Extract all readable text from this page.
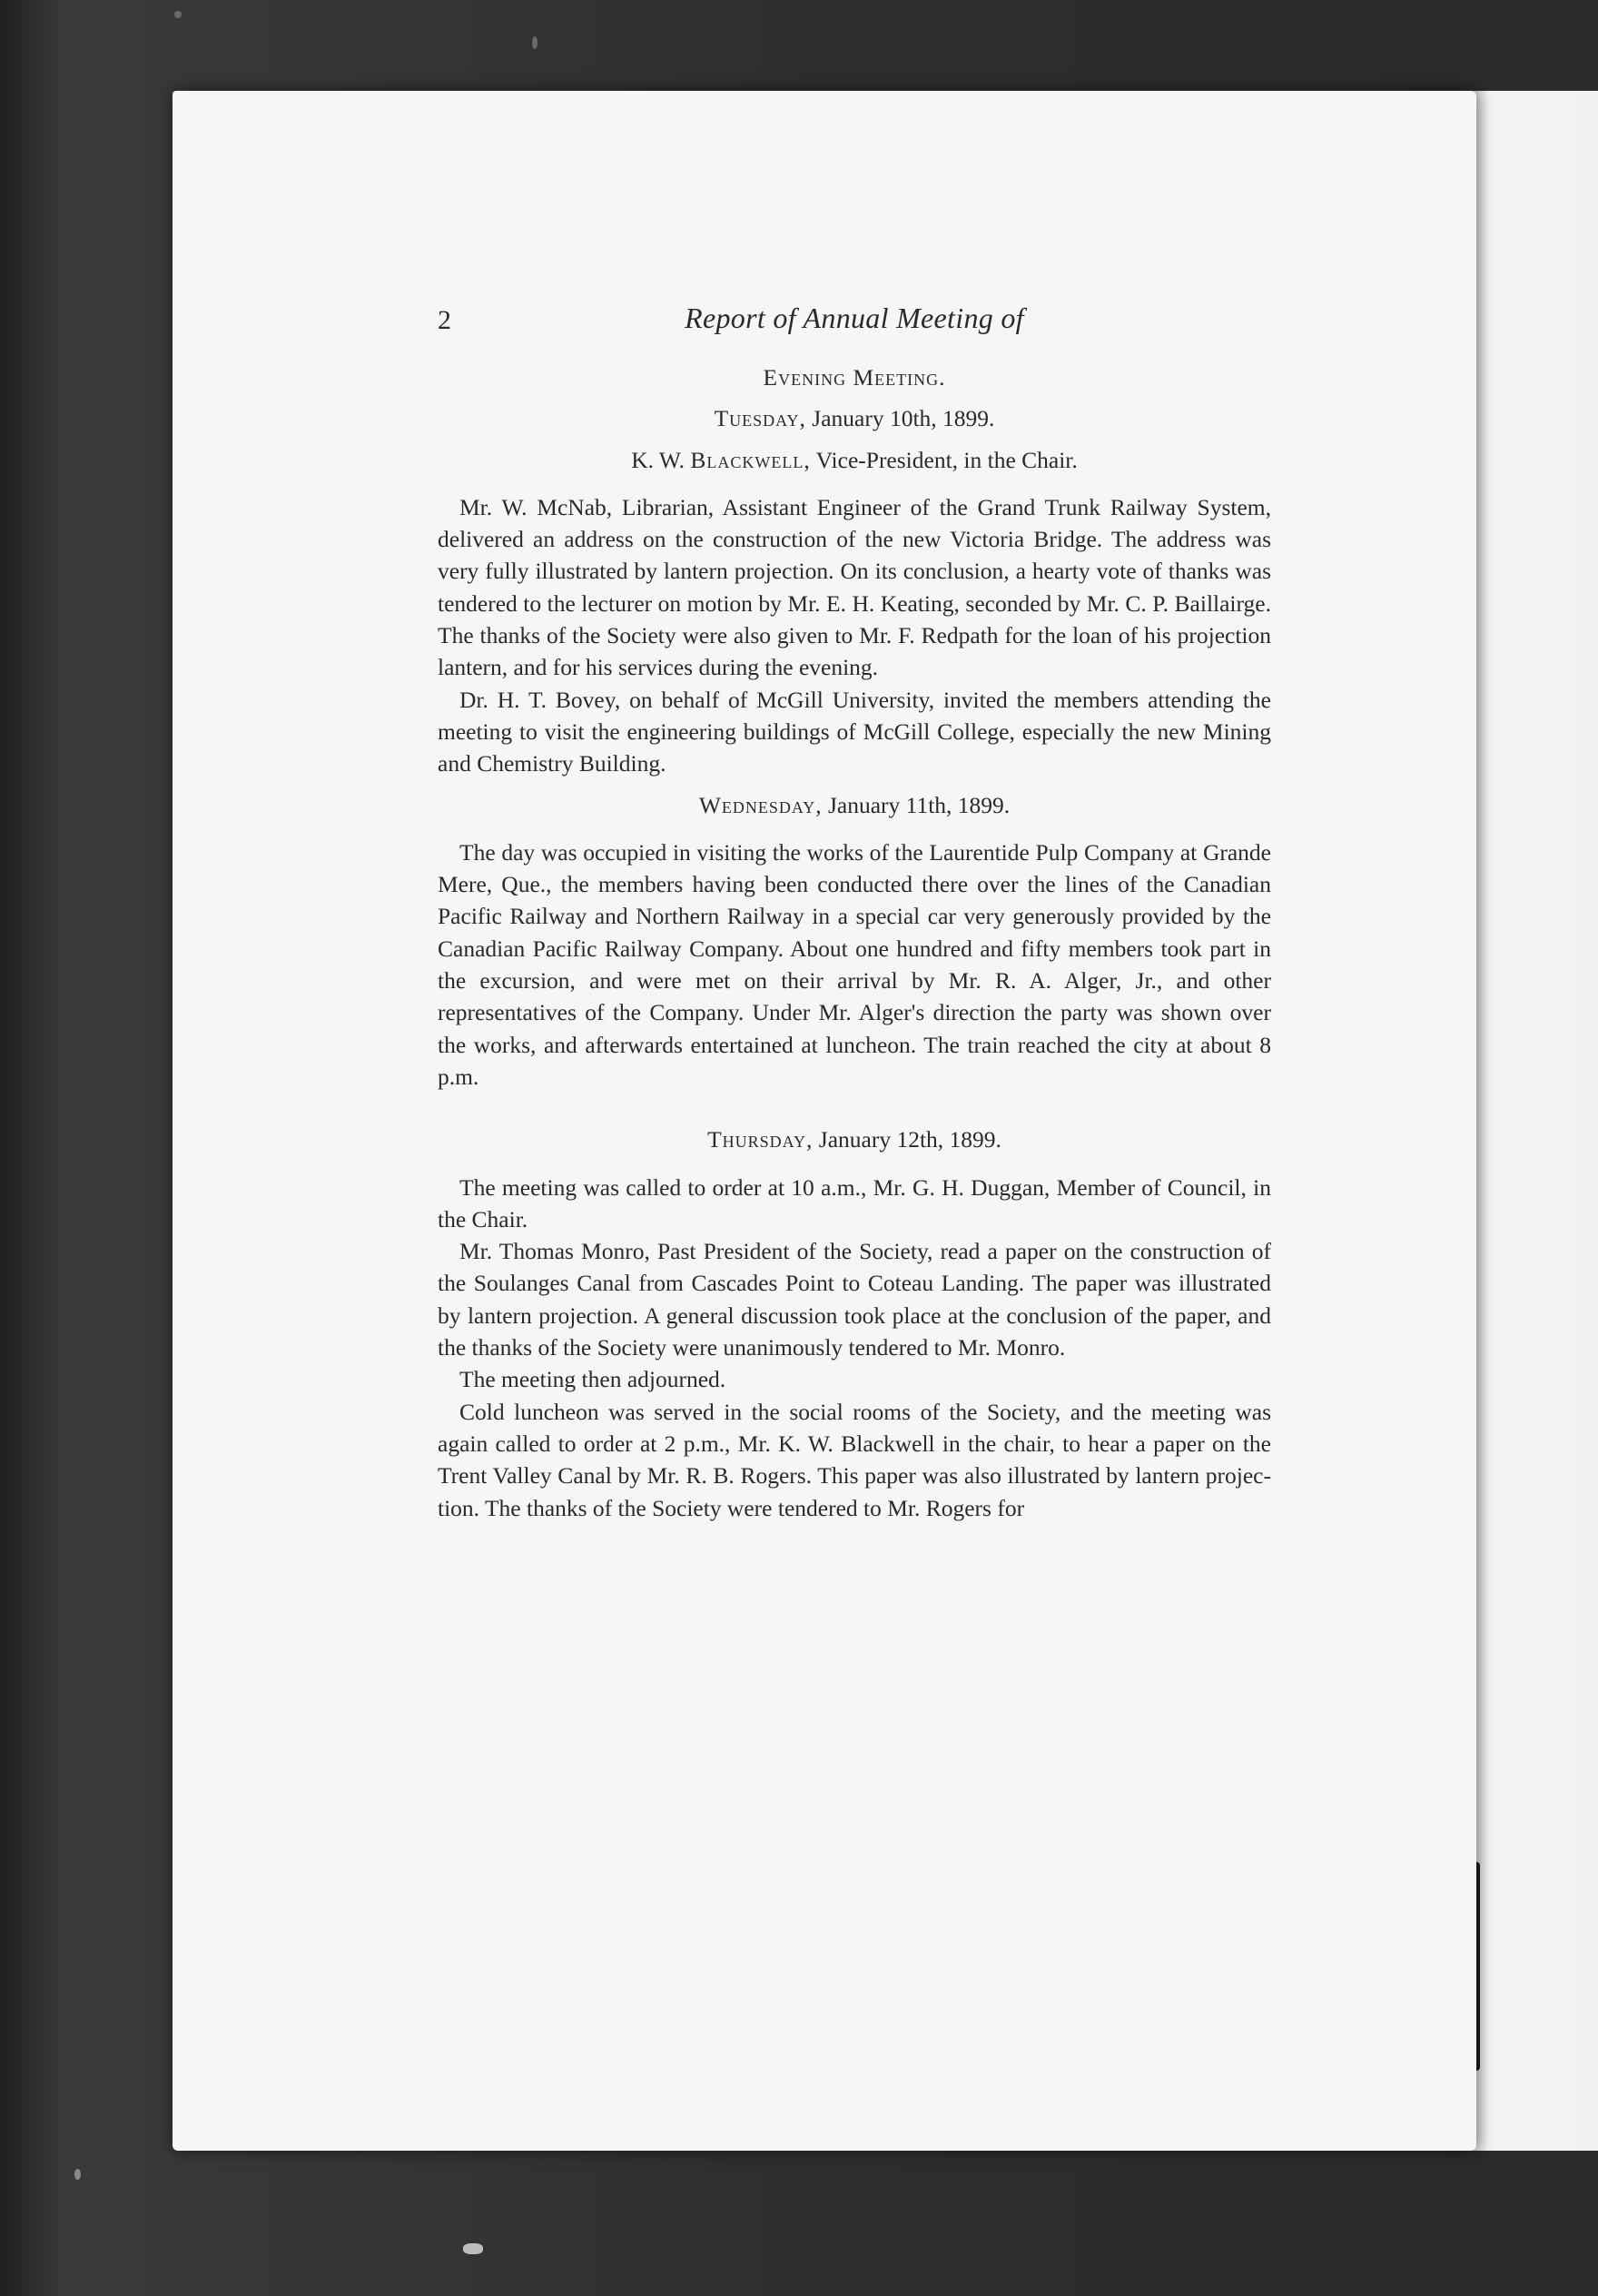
2	Report of Annual Meeting of

Evening Meeting.

Tuesday, January 10th, 1899.

K. W. Blackwell, Vice-President, in the Chair.

Mr. W. McNab, Librarian, Assistant Engineer of the Grand Trunk Railway System, delivered an address on the construction of the new Victoria Bridge. The address was very fully illustrated by lantern projection. On its conclusion, a hearty vote of thanks was tendered to the lecturer on motion by Mr. E. H. Keating, seconded by Mr. C. P. Baillairge. The thanks of the Society were also given to Mr. F. Redpath for the loan of his projection lantern, and for his services during the evening.

Dr. H. T. Bovey, on behalf of McGill University, invited the members attending the meeting to visit the engineering buildings of McGill College, especially the new Mining and Chemistry Building.

Wednesday, January 11th, 1899.

The day was occupied in visiting the works of the Laurentide Pulp Company at Grande Mere, Que., the members having been conducted there over the lines of the Canadian Pacific Railway and Northern Railway in a special car very generously provided by the Canadian Pacific Railway Company. About one hundred and fifty members took part in the excursion, and were met on their arrival by Mr. R. A. Alger, Jr., and other representatives of the Company. Under Mr. Alger's direction the party was shown over the works, and afterwards entertained at luncheon. The train reached the city at about 8 p.m.

Thursday, January 12th, 1899.

The meeting was called to order at 10 a.m., Mr. G. H. Duggan, Member of Council, in the Chair.

Mr. Thomas Monro, Past President of the Society, read a paper on the construction of the Soulanges Canal from Cascades Point to Coteau Landing. The paper was illustrated by lantern projection. A general discussion took place at the conclusion of the paper, and the thanks of the Society were unanimously tendered to Mr. Monro.

The meeting then adjourned.

Cold luncheon was served in the social rooms of the Society, and the meeting was again called to order at 2 p.m., Mr. K. W. Blackwell in the chair, to hear a paper on the Trent Valley Canal by Mr. R. B. Rogers. This paper was also illustrated by lantern projection. The thanks of the Society were tendered to Mr. Rogers for
